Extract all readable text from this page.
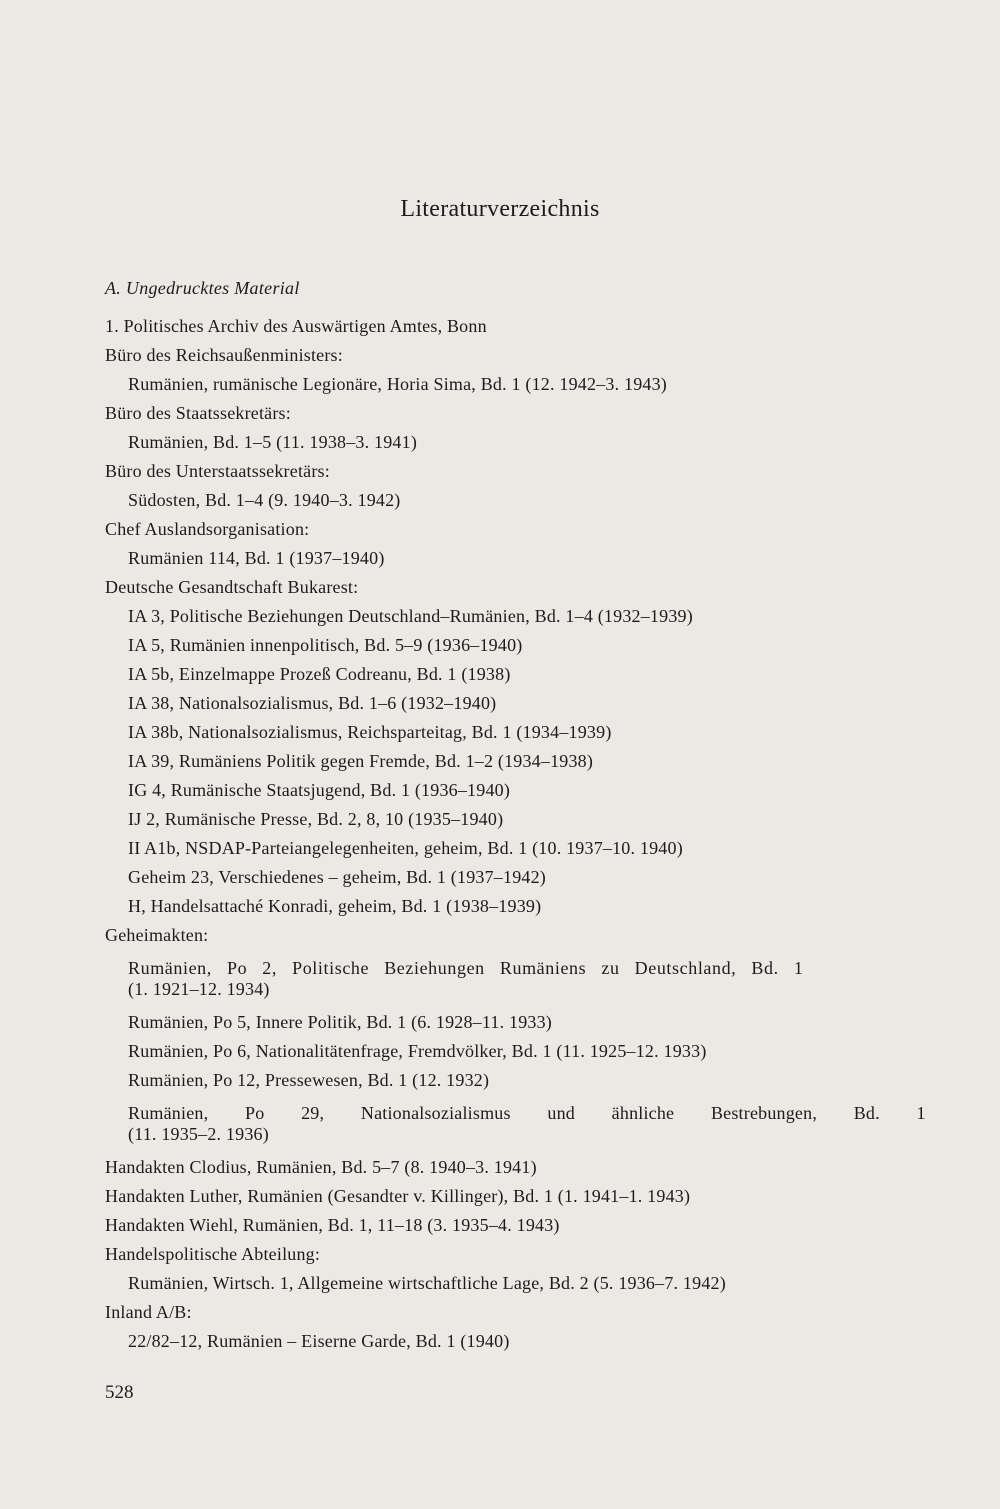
Literaturverzeichnis
A. Ungedrucktes Material
1. Politisches Archiv des Auswärtigen Amtes, Bonn
Büro des Reichsaußenministers:
Rumänien, rumänische Legionäre, Horia Sima, Bd. 1 (12. 1942–3. 1943)
Büro des Staatssekretärs:
Rumänien, Bd. 1–5 (11. 1938–3. 1941)
Büro des Unterstaatssekretärs:
Südosten, Bd. 1–4 (9. 1940–3. 1942)
Chef Auslandsorganisation:
Rumänien 114, Bd. 1 (1937–1940)
Deutsche Gesandtschaft Bukarest:
IA 3, Politische Beziehungen Deutschland–Rumänien, Bd. 1–4 (1932–1939)
IA 5, Rumänien innenpolitisch, Bd. 5–9 (1936–1940)
IA 5b, Einzelmappe Prozeß Codreanu, Bd. 1 (1938)
IA 38, Nationalsozialismus, Bd. 1–6 (1932–1940)
IA 38b, Nationalsozialismus, Reichsparteitag, Bd. 1 (1934–1939)
IA 39, Rumäniens Politik gegen Fremde, Bd. 1–2 (1934–1938)
IG 4, Rumänische Staatsjugend, Bd. 1 (1936–1940)
IJ 2, Rumänische Presse, Bd. 2, 8, 10 (1935–1940)
II A1b, NSDAP-Parteiangelegenheiten, geheim, Bd. 1 (10. 1937–10. 1940)
Geheim 23, Verschiedenes – geheim, Bd. 1 (1937–1942)
H, Handelsattaché Konradi, geheim, Bd. 1 (1938–1939)
Geheimakten:
Rumänien, Po 2, Politische Beziehungen Rumäniens zu Deutschland, Bd. 1
(1. 1921–12. 1934)
Rumänien, Po 5, Innere Politik, Bd. 1 (6. 1928–11. 1933)
Rumänien, Po 6, Nationalitätenfrage, Fremdvölker, Bd. 1 (11. 1925–12. 1933)
Rumänien, Po 12, Pressewesen, Bd. 1 (12. 1932)
Rumänien, Po 29, Nationalsozialismus und ähnliche Bestrebungen, Bd. 1
(11. 1935–2. 1936)
Handakten Clodius, Rumänien, Bd. 5–7 (8. 1940–3. 1941)
Handakten Luther, Rumänien (Gesandter v. Killinger), Bd. 1 (1. 1941–1. 1943)
Handakten Wiehl, Rumänien, Bd. 1, 11–18 (3. 1935–4. 1943)
Handelspolitische Abteilung:
Rumänien, Wirtsch. 1, Allgemeine wirtschaftliche Lage, Bd. 2 (5. 1936–7. 1942)
Inland A/B:
22/82–12, Rumänien – Eiserne Garde, Bd. 1 (1940)
528
